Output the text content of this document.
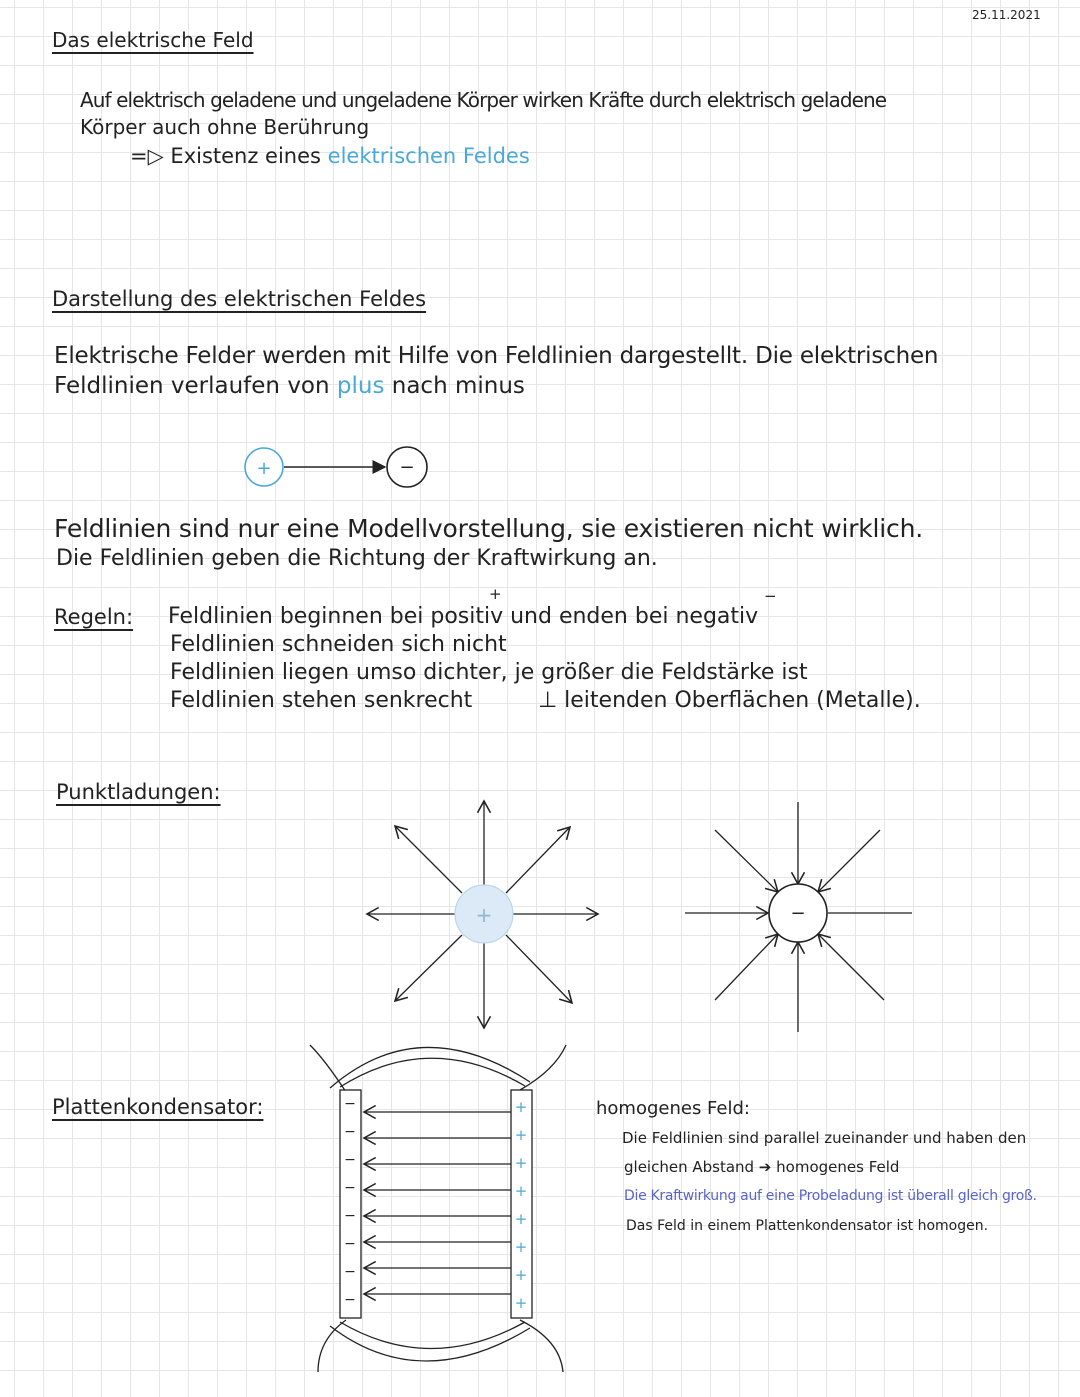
25.11.2021
Das elektrische Feld
Auf elektrisch geladene und ungeladene Körper wirken Kräfte durch elektrisch geladene
Körper auch ohne Berührung
=▷ Existenz eines elektrischen Feldes
Darstellung des elektrischen Feldes
Elektrische Felder werden mit Hilfe von Feldlinien dargestellt. Die elektrischen
Feldlinien verlaufen von plus nach minus
Feldlinien sind nur eine Modellvorstellung, sie existieren nicht wirklich.
Die Feldlinien geben die Richtung der Kraftwirkung an.
Regeln: Feldlinien beginnen bei positiv und enden bei negativ
Feldlinien schneiden sich nicht
Feldlinien liegen umso dichter, je größer die Feldstärke ist
Feldlinien stehen senkrecht	⊥ leitenden Oberflächen (Metalle).
+	−
Punktladungen:
Plattenkondensator:	homogenes Feld:
Die Feldlinien sind parallel zueinander und haben den
gleichen Abstand ➔ homogenes Feld
Die Kraftwirkung auf eine Probeladung ist überall gleich groß.
Das Feld in einem Plattenkondensator ist homogen.
+	−
+	−
−
−
−
−
−
−
−
−
+
+
+
+
+
+
+
+
